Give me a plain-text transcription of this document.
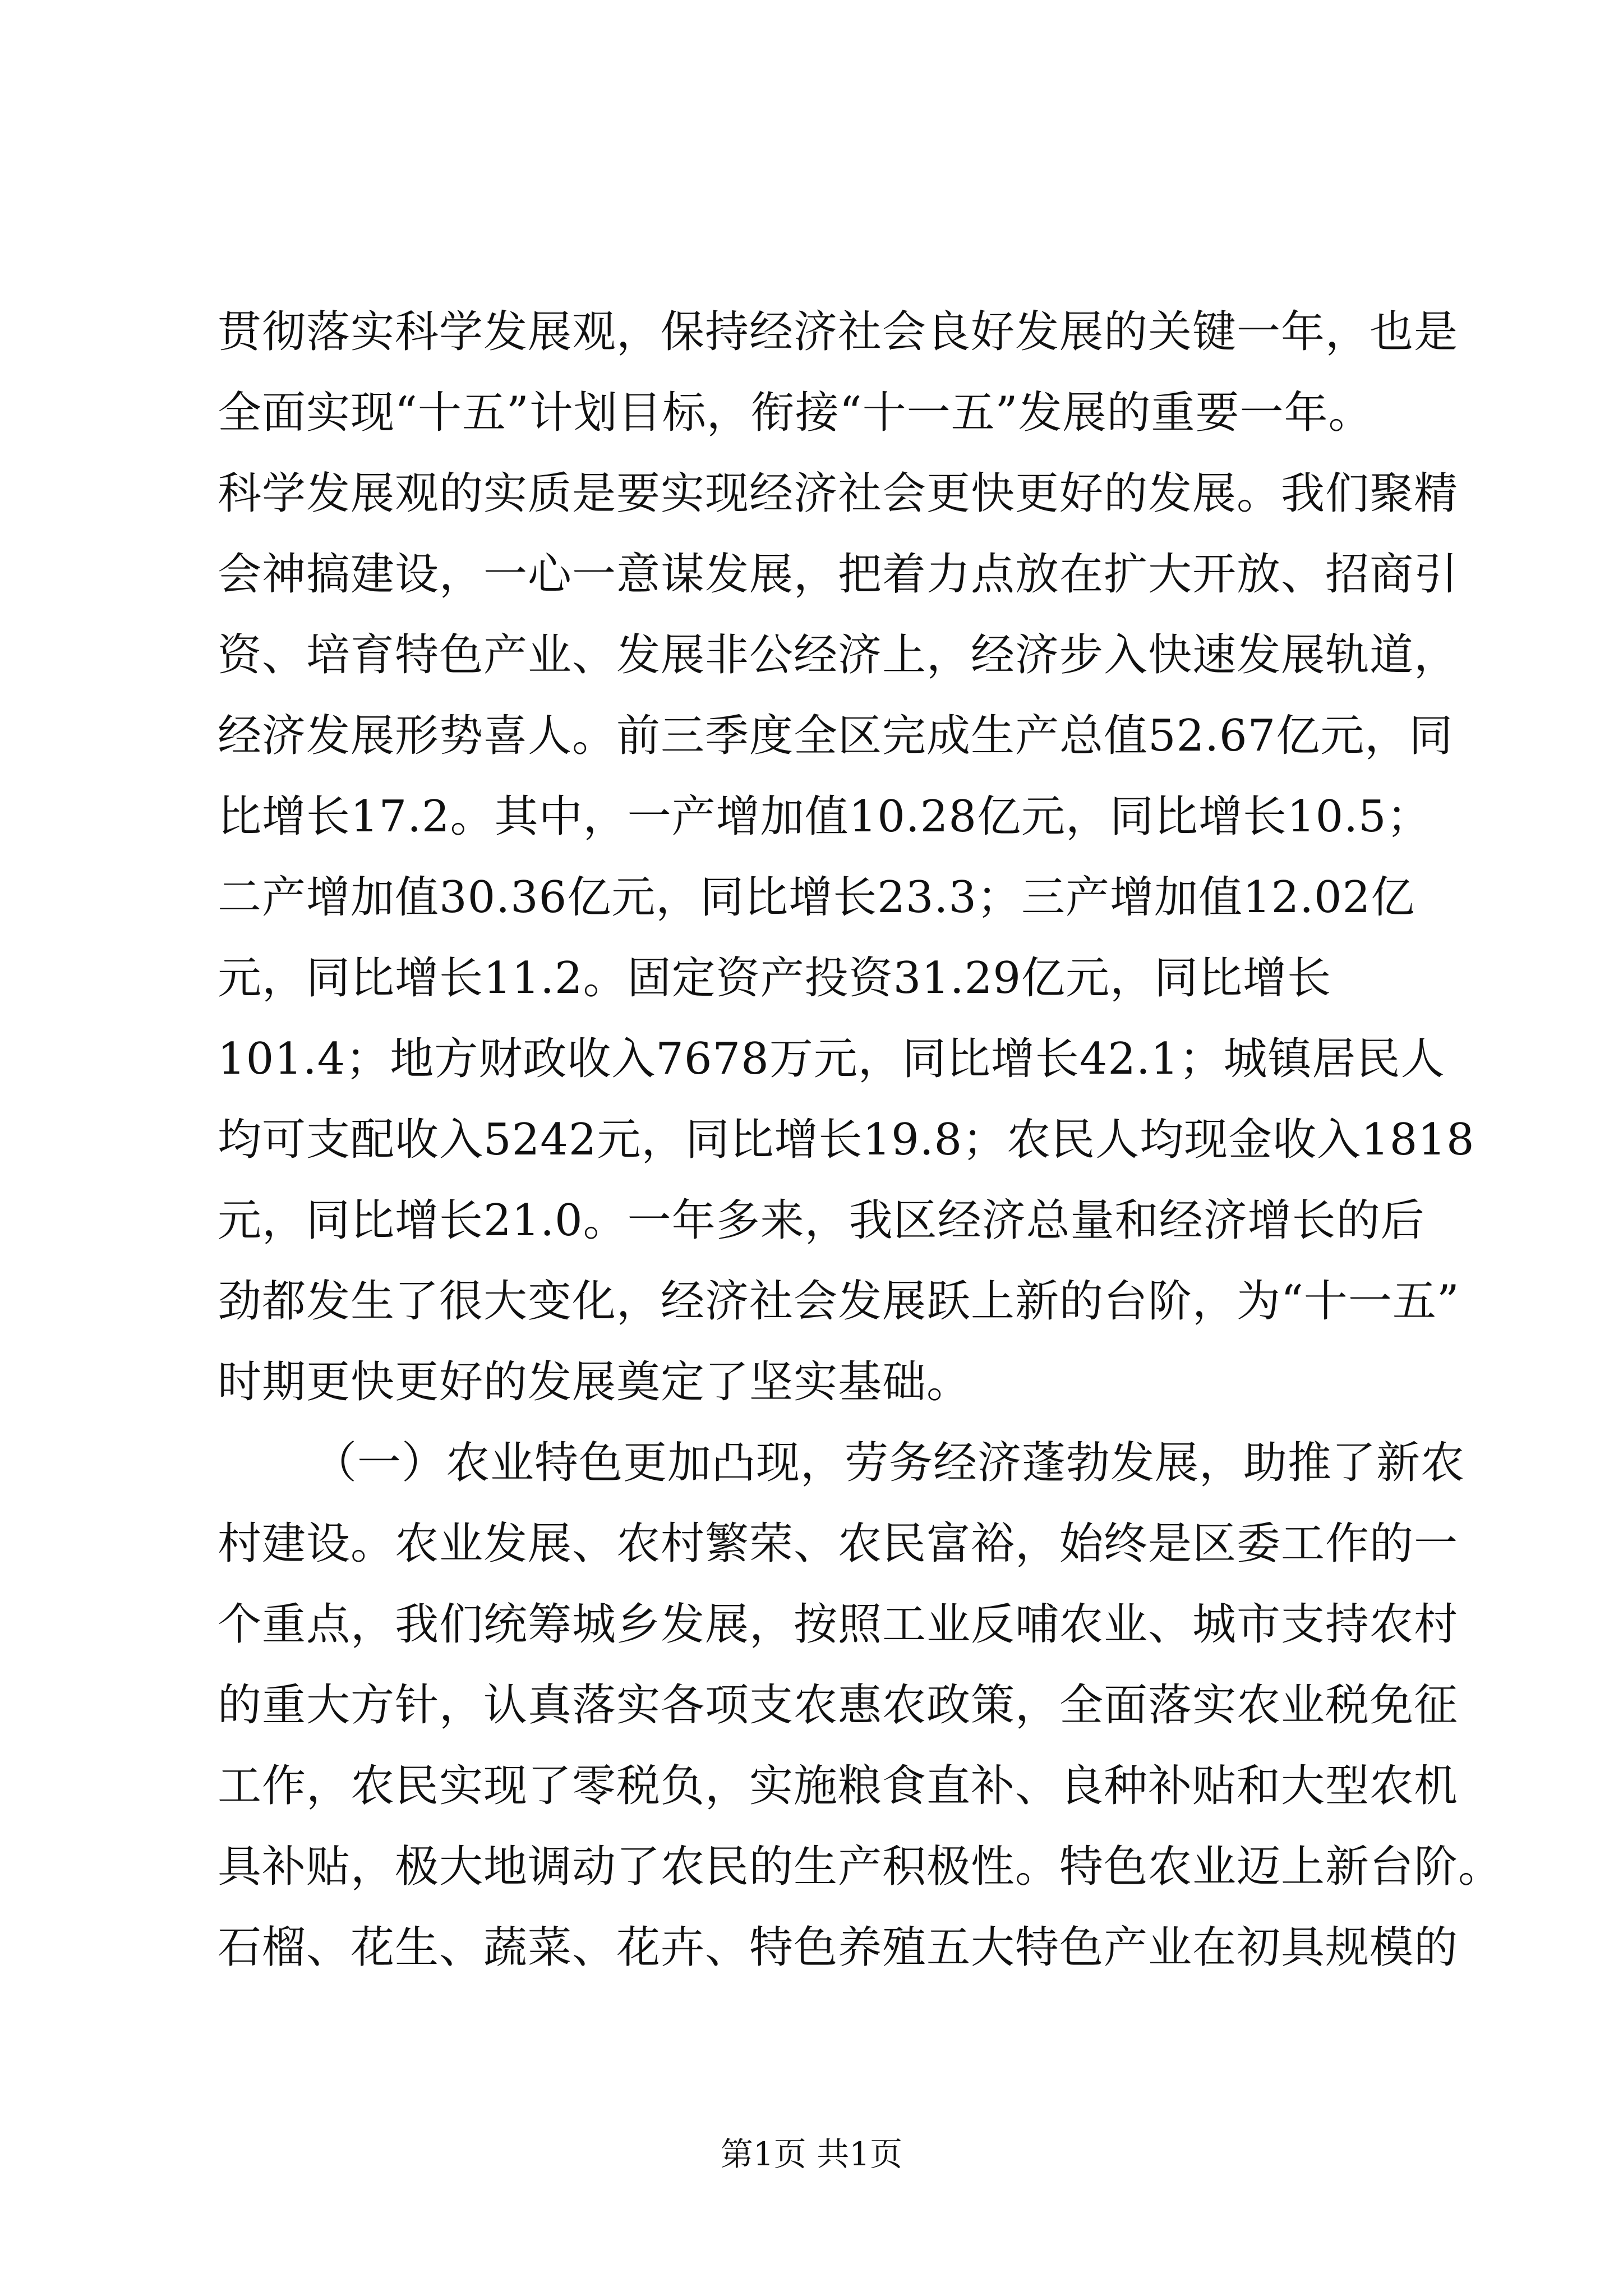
贯彻落实科学发展观，保持经济社会良好发展的关键一年，也是
全面实现“十五”计划目标，衔接“十一五”发展的重要一年。
科学发展观的实质是要实现经济社会更快更好的发展。我们聚精
会神搞建设，一心一意谋发展，把着力点放在扩大开放、招商引
资、培育特色产业、发展非公经济上，经济步入快速发展轨道，
经济发展形势喜人。前三季度全区完成生产总值52.67亿元，同
比增长17.2。其中，一产增加值10.28亿元，同比增长10.5；
二产增加值30.36亿元，同比增长23.3；三产增加值12.02亿
元，同比增长11.2。固定资产投资31.29亿元，同比增长
101.4；地方财政收入7678万元，同比增长42.1；城镇居民人
均可支配收入5242元，同比增长19.8；农民人均现金收入1818
元，同比增长21.0。一年多来，我区经济总量和经济增长的后
劲都发生了很大变化，经济社会发展跃上新的台阶，为“十一五”
时期更快更好的发展奠定了坚实基础。
（一）农业特色更加凸现，劳务经济蓬勃发展，助推了新农
村建设。农业发展、农村繁荣、农民富裕，始终是区委工作的一
个重点，我们统筹城乡发展，按照工业反哺农业、城市支持农村
的重大方针，认真落实各项支农惠农政策，全面落实农业税免征
工作，农民实现了零税负，实施粮食直补、良种补贴和大型农机
具补贴，极大地调动了农民的生产积极性。特色农业迈上新台阶。
石榴、花生、蔬菜、花卉、特色养殖五大特色产业在初具规模的
第1页 共1页
